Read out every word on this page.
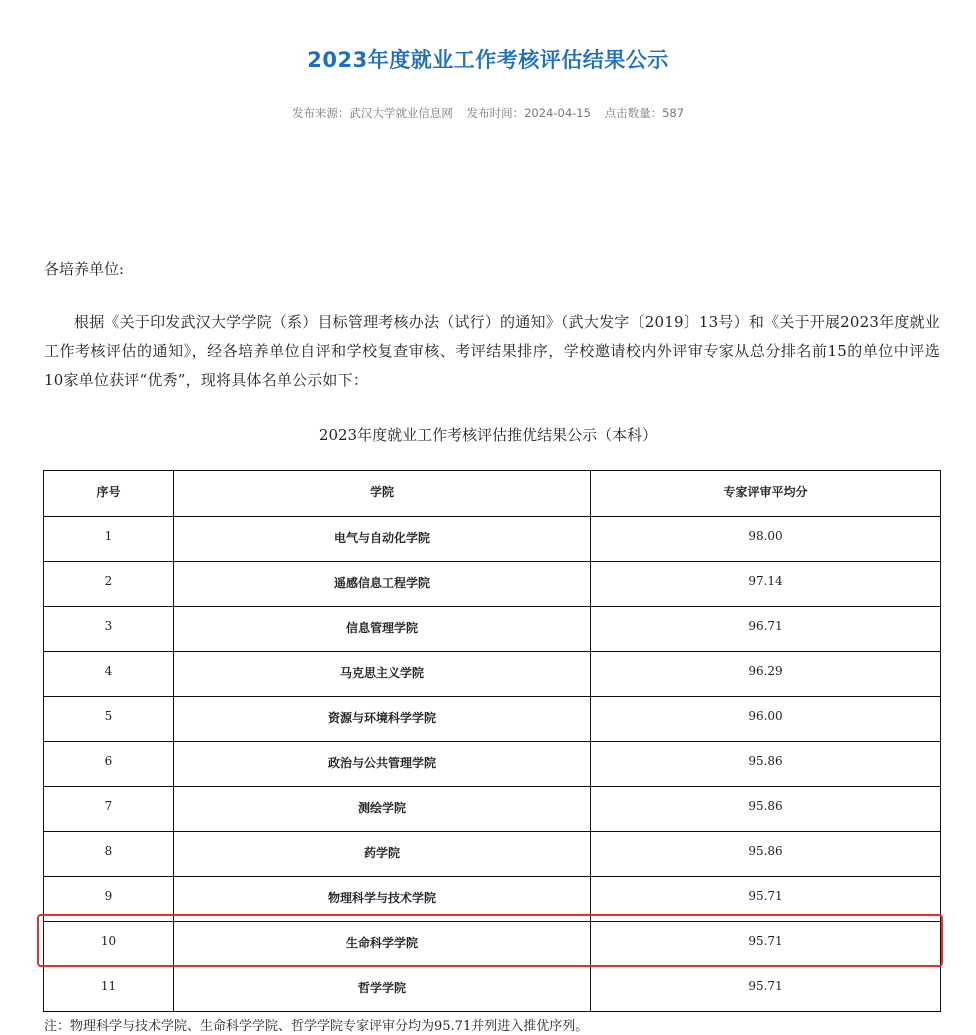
2023年度就业工作考核评估结果公示
发布来源：武汉大学就业信息网 发布时间：2024-04-15 点击数量：587
各培养单位:
根据《关于印发武汉大学学院（系）目标管理考核办法（试行）的通知》（武大发字〔2019〕13号）和《关于开展2023年度就业工作考核评估的通知》，经各培养单位自评和学校复查审核、考评结果排序，学校邀请校内外评审专家从总分排名前15的单位中评选10家单位获评“优秀”，现将具体名单公示如下：
2023年度就业工作考核评估推优结果公示（本科）
序号	学院	专家评审平均分
1	电气与自动化学院	98.00
2	遥感信息工程学院	97.14
3	信息管理学院	96.71
4	马克思主义学院	96.29
5	资源与环境科学学院	96.00
6	政治与公共管理学院	95.86
7	测绘学院	95.86
8	药学院	95.86
9	物理科学与技术学院	95.71
10	生命科学学院	95.71
11	哲学学院	95.71
注：物理科学与技术学院、生命科学学院、哲学学院专家评审分均为95.71并列进入推优序列。
